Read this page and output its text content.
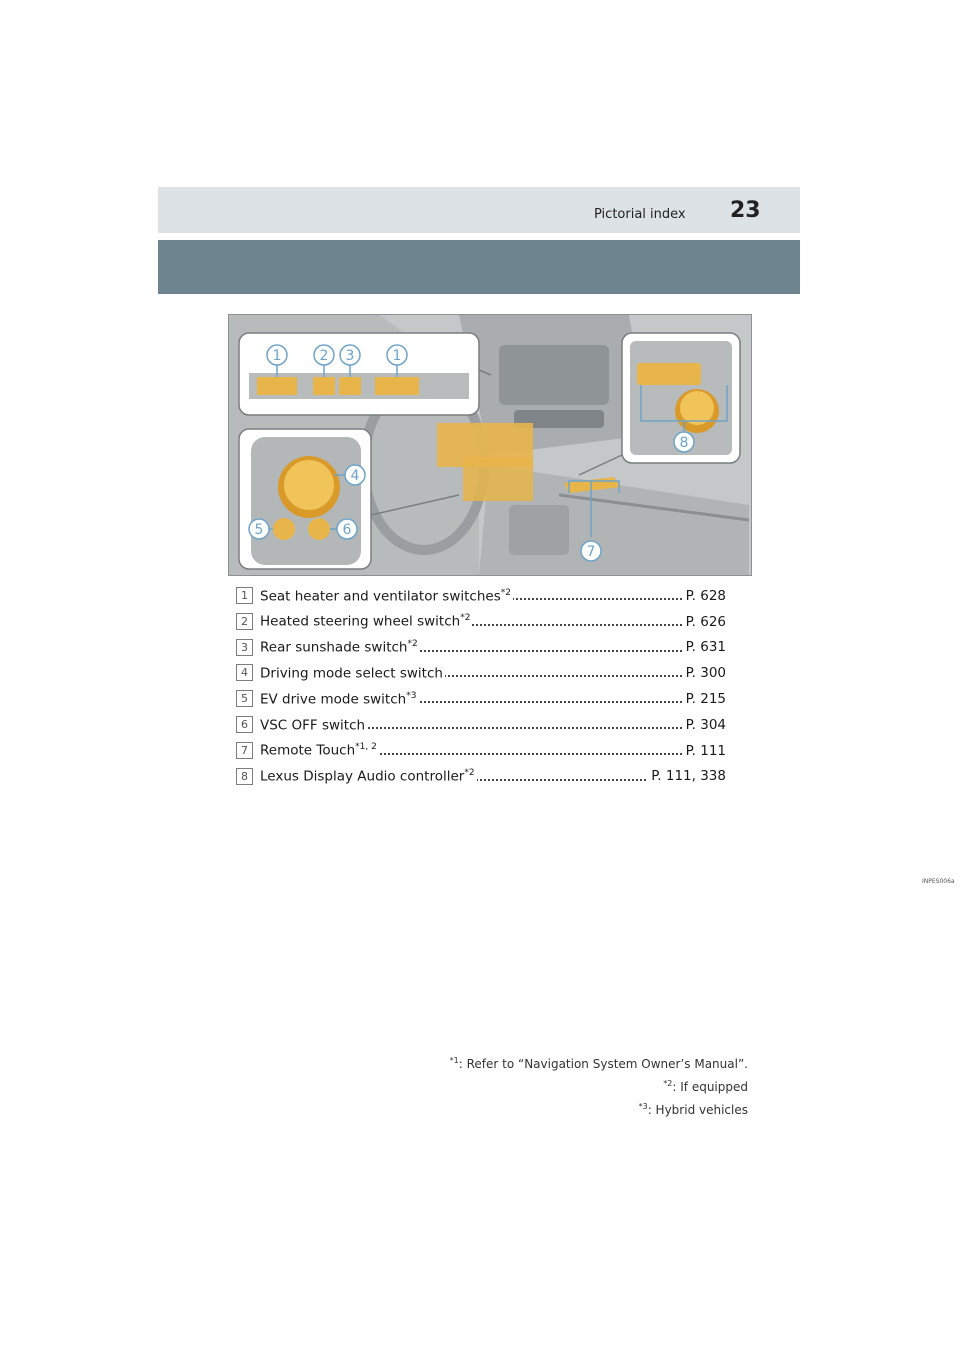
Pictorial index 23
1	2 3	1
4
5	6
7
8
INPES006a
1 Seat heater and ventilator switches$^{*2}$	P. 628
2 Heated steering wheel switch$^{*2}$	P. 626
3 Rear sunshade switch$^{*2}$	P. 631
4 Driving mode select switch	P. 300
5 EV drive mode switch$^{*3}$	P. 215
6 VSC OFF switch	P. 304
7 Remote Touch$^{*1, 2}$	P. 111
8 Lexus Display Audio controller$^{*2}$	P. 111, 338
$^{*1}$: Refer to “Navigation System Owner’s Manual”.
$^{*2}$: If equipped
$^{*3}$: Hybrid vehicles
